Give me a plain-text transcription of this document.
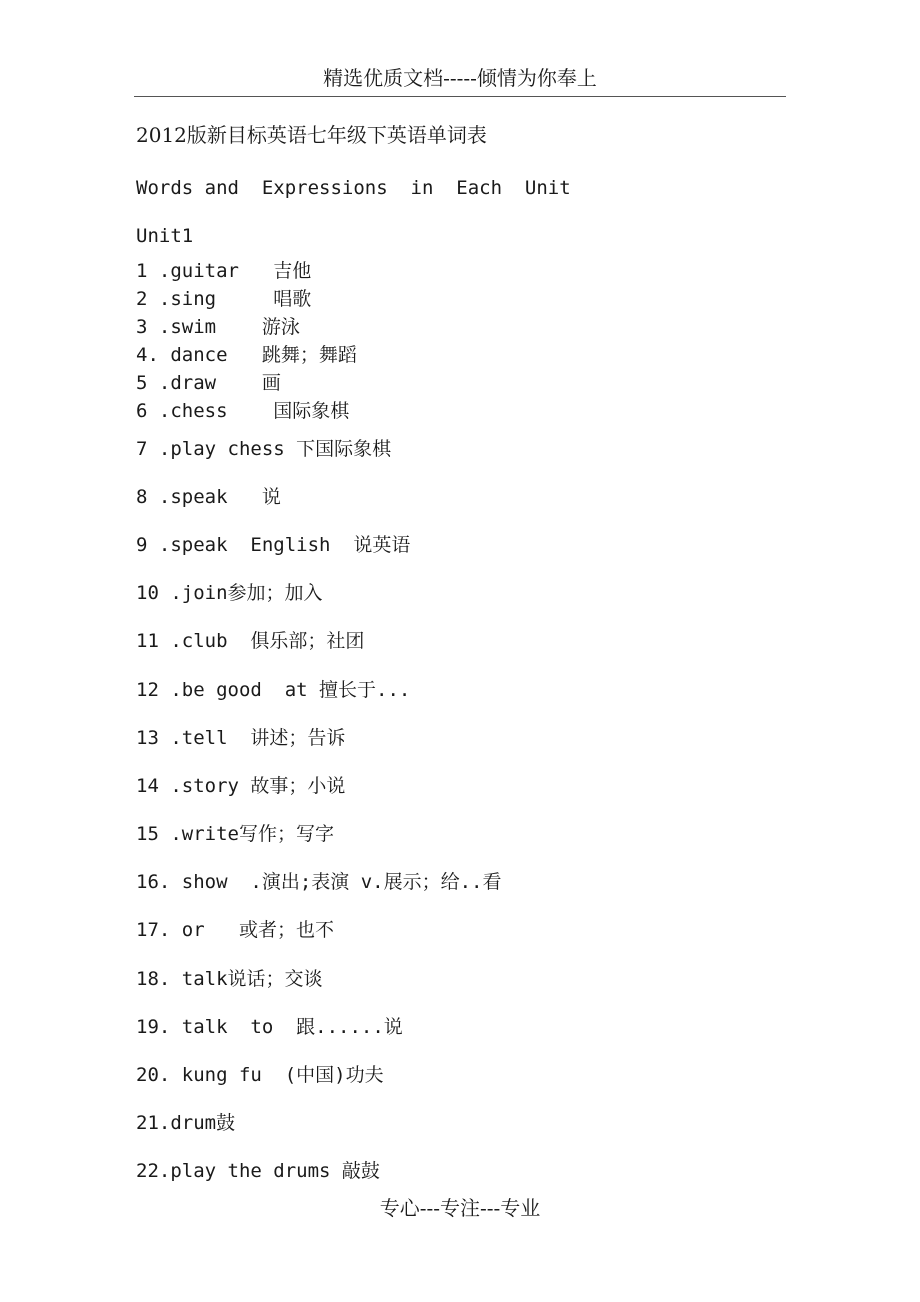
精选优质文档-----倾情为你奉上
2012版新目标英语七年级下英语单词表
Words and  Expressions  in  Each  Unit
Unit1
1 .guitar   吉他
2 .sing     唱歌
3 .swim    游泳
4. dance   跳舞；舞蹈
5 .draw    画
6 .chess    国际象棋
7 .play chess 下国际象棋
8 .speak   说
9 .speak  English  说英语
10 .join参加；加入
11 .club  俱乐部；社团
12 .be good  at 擅长于...
13 .tell  讲述；告诉
14 .story 故事；小说
15 .write写作；写字
16. show  .演出;表演 v.展示；给..看
17. or   或者；也不
18. talk说话；交谈
19. talk  to  跟......说
20. kung fu  (中国)功夫
21.drum鼓
22.play the drums 敲鼓
专心---专注---专业
